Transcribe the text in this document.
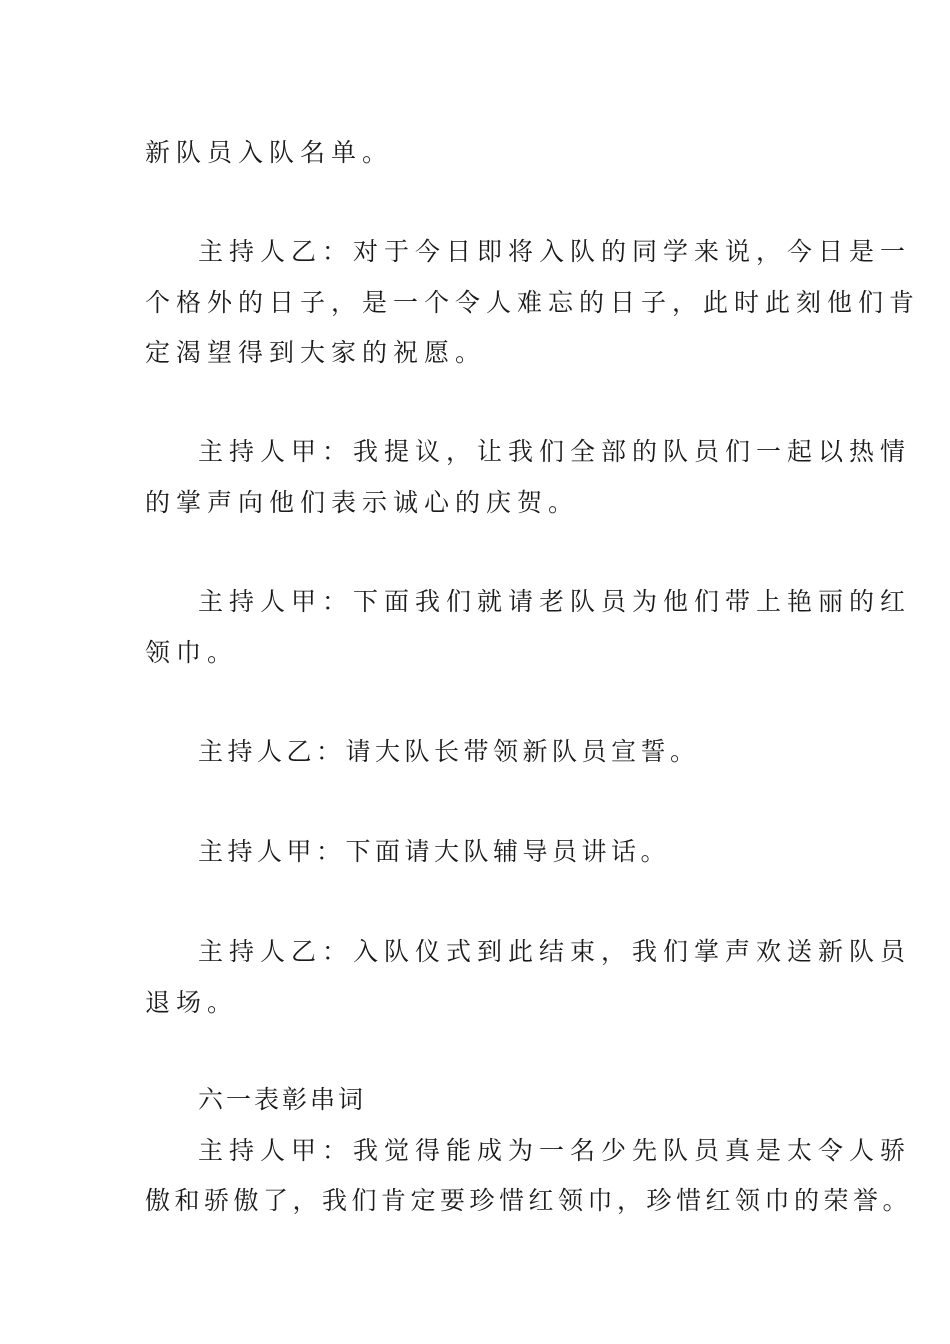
新队员入队名单。
主持人乙：对于今日即将入队的同学来说，今日是一
个格外的日子，是一个令人难忘的日子，此时此刻他们肯
定渴望得到大家的祝愿。
主持人甲：我提议，让我们全部的队员们一起以热情
的掌声向他们表示诚心的庆贺。
主持人甲：下面我们就请老队员为他们带上艳丽的红
领巾。
主持人乙：请大队长带领新队员宣誓。
主持人甲：下面请大队辅导员讲话。
主持人乙：入队仪式到此结束，我们掌声欢送新队员
退场。
六一表彰串词
主持人甲：我觉得能成为一名少先队员真是太令人骄
傲和骄傲了，我们肯定要珍惜红领巾，珍惜红领巾的荣誉。
